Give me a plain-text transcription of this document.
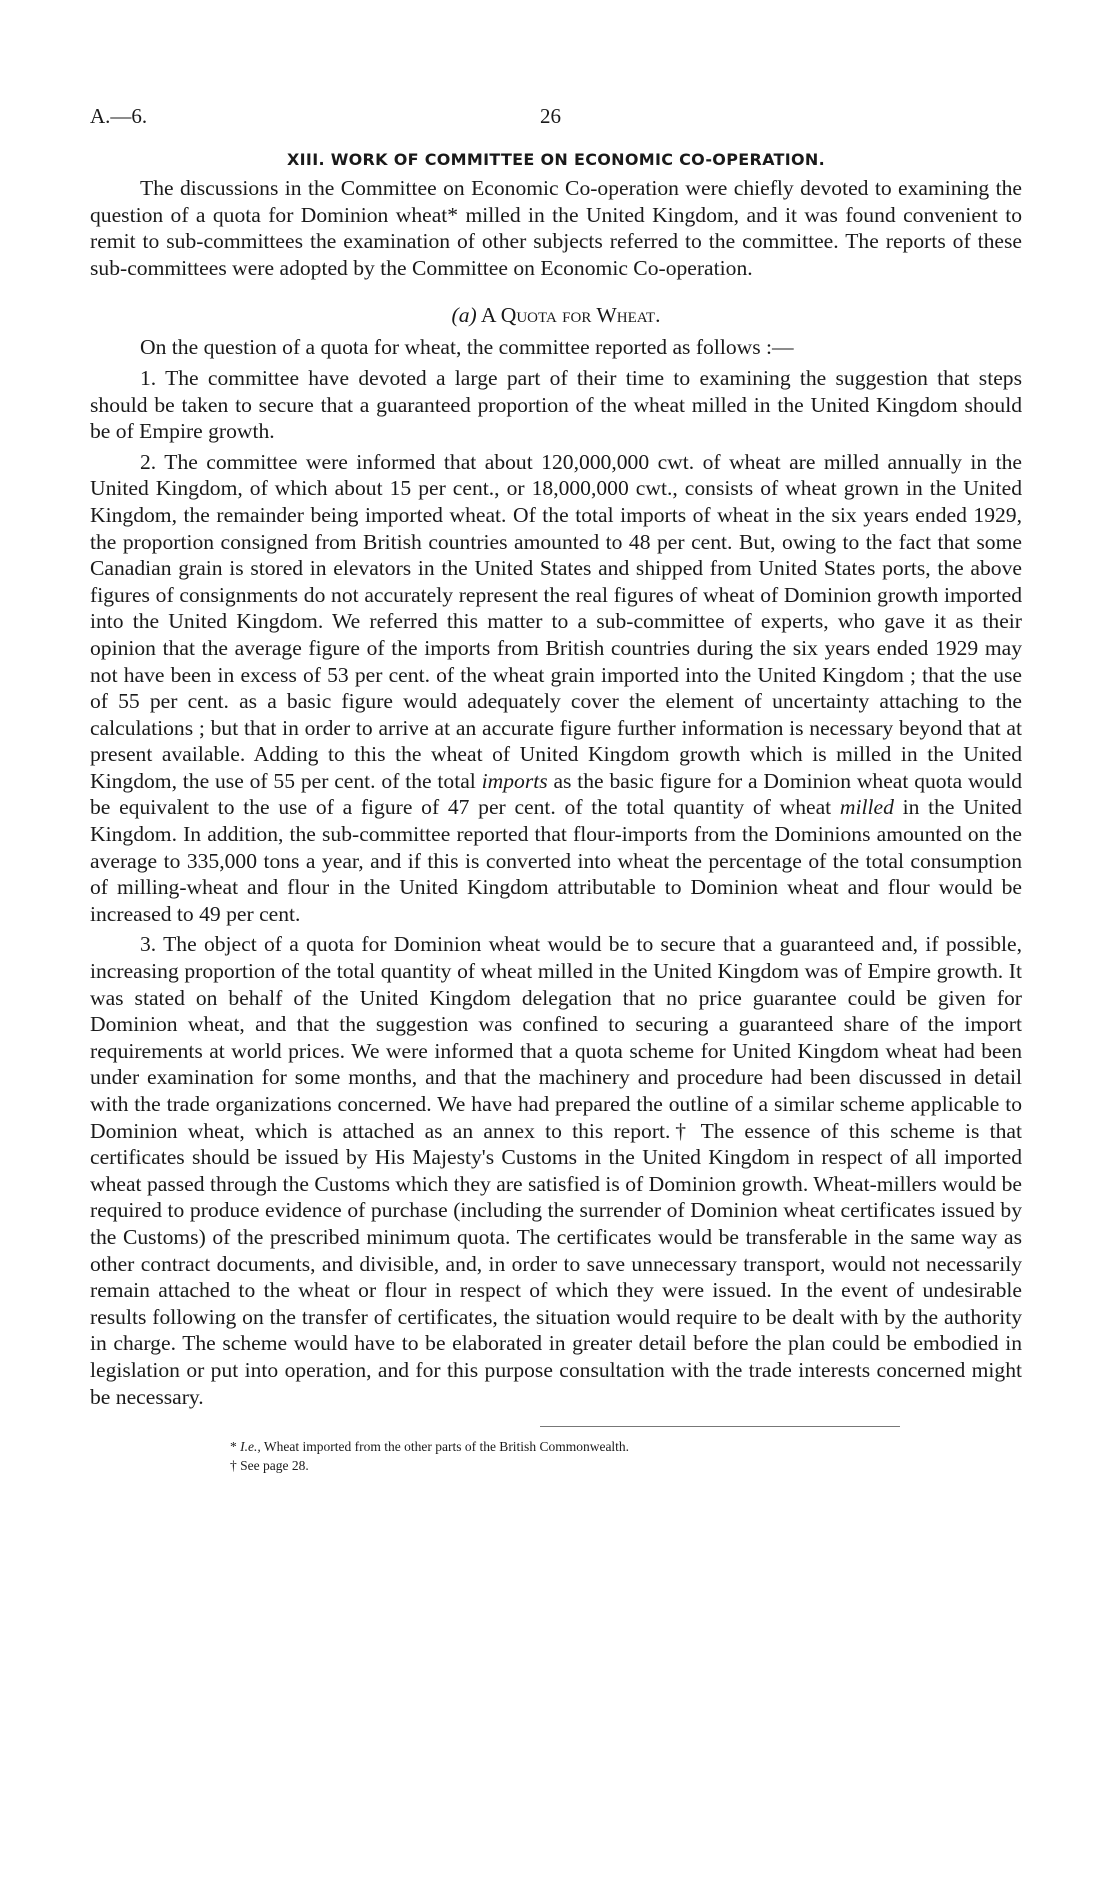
A.—6.	26
XIII. WORK OF COMMITTEE ON ECONOMIC CO-OPERATION.

The discussions in the Committee on Economic Co-operation were chiefly devoted to examining the question of a quota for Dominion wheat* milled in the United Kingdom, and it was found convenient to remit to sub-committees the examination of other subjects referred to the committee. The reports of these sub-committees were adopted by the Committee on Economic Co-operation.

(a) A Quota for Wheat.

On the question of a quota for wheat, the committee reported as follows :—

1. The committee have devoted a large part of their time to examining the suggestion that steps should be taken to secure that a guaranteed proportion of the wheat milled in the United Kingdom should be of Empire growth.

2. The committee were informed that about 120,000,000 cwt. of wheat are milled annually in the United Kingdom, of which about 15 per cent., or 18,000,000 cwt., consists of wheat grown in the United Kingdom, the remainder being imported wheat. Of the total imports of wheat in the six years ended 1929, the proportion consigned from British countries amounted to 48 per cent. But, owing to the fact that some Canadian grain is stored in elevators in the United States and shipped from United States ports, the above figures of consignments do not accurately represent the real figures of wheat of Dominion growth imported into the United Kingdom. We referred this matter to a sub-committee of experts, who gave it as their opinion that the average figure of the imports from British countries during the six years ended 1929 may not have been in excess of 53 per cent. of the wheat grain imported into the United Kingdom ; that the use of 55 per cent. as a basic figure would adequately cover the element of uncertainty attaching to the calculations ; but that in order to arrive at an accurate figure further information is necessary beyond that at present available. Adding to this the wheat of United Kingdom growth which is milled in the United Kingdom, the use of 55 per cent. of the total imports as the basic figure for a Dominion wheat quota would be equivalent to the use of a figure of 47 per cent. of the total quantity of wheat milled in the United Kingdom. In addition, the sub-committee reported that flour-imports from the Dominions amounted on the average to 335,000 tons a year, and if this is converted into wheat the percentage of the total consumption of milling-wheat and flour in the United Kingdom attributable to Dominion wheat and flour would be increased to 49 per cent.

3. The object of a quota for Dominion wheat would be to secure that a guaranteed and, if possible, increasing proportion of the total quantity of wheat milled in the United Kingdom was of Empire growth. It was stated on behalf of the United Kingdom delegation that no price guarantee could be given for Dominion wheat, and that the suggestion was confined to securing a guaranteed share of the import requirements at world prices. We were informed that a quota scheme for United Kingdom wheat had been under examination for some months, and that the machinery and procedure had been discussed in detail with the trade organizations concerned. We have had prepared the outline of a similar scheme applicable to Dominion wheat, which is attached as an annex to this report.† The essence of this scheme is that certificates should be issued by His Majesty's Customs in the United Kingdom in respect of all imported wheat passed through the Customs which they are satisfied is of Dominion growth. Wheat-millers would be required to produce evidence of purchase (including the surrender of Dominion wheat certificates issued by the Customs) of the prescribed minimum quota. The certificates would be transferable in the same way as other contract documents, and divisible, and, in order to save unnecessary transport, would not necessarily remain attached to the wheat or flour in respect of which they were issued. In the event of undesirable results following on the transfer of certificates, the situation would require to be dealt with by the authority in charge. The scheme would have to be elaborated in greater detail before the plan could be embodied in legislation or put into operation, and for this purpose consultation with the trade interests concerned might be necessary.

* I.e., Wheat imported from the other parts of the British Commonwealth.
† See page 28.
